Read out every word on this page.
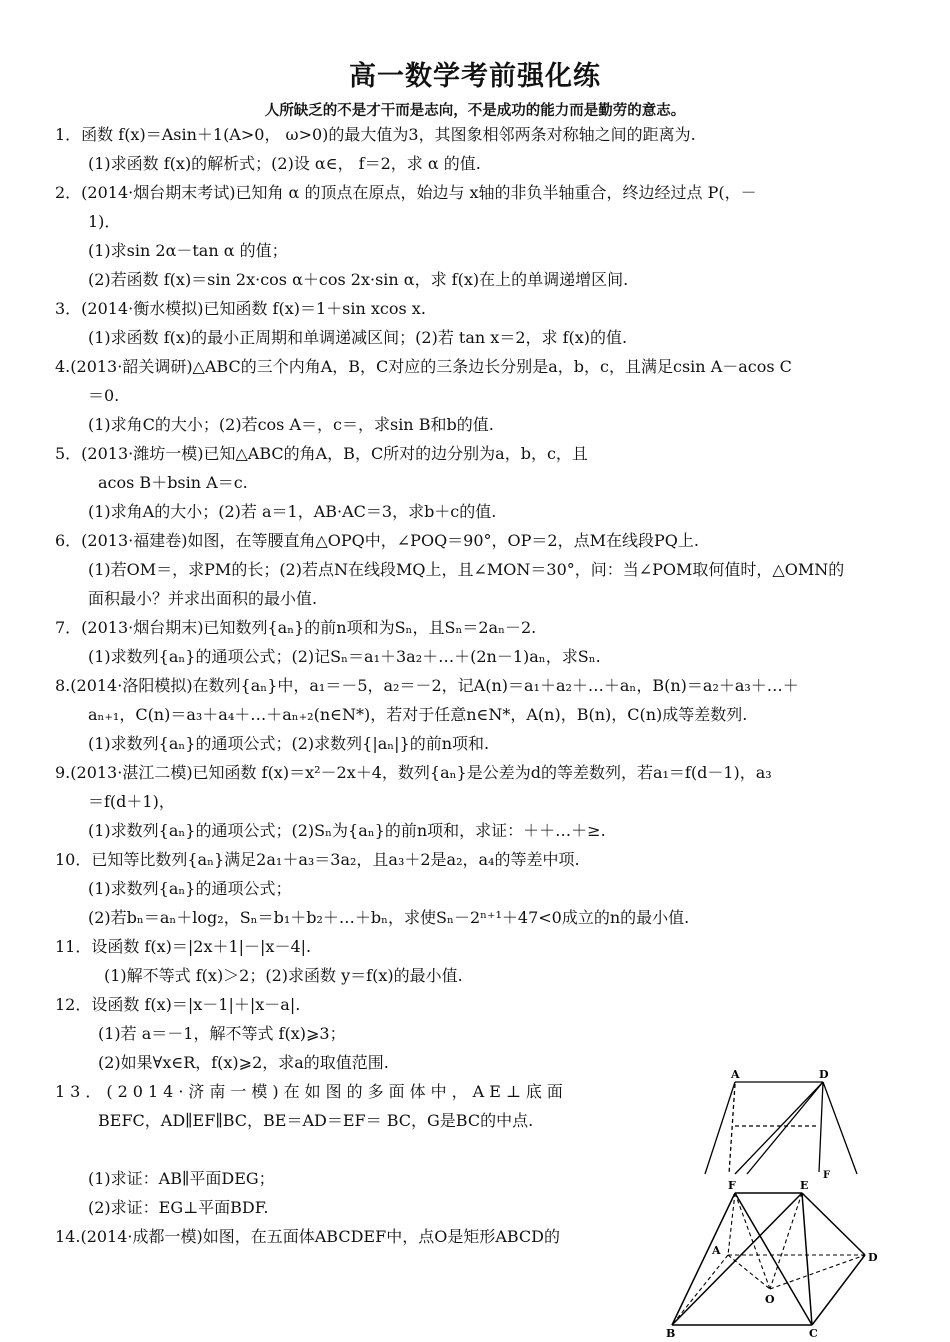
高一数学考前强化练
人所缺乏的不是才干而是志向，不是成功的能力而是勤劳的意志。
1．函数 f(x)＝Asin＋1(A>0， ω>0)的最大值为3，其图象相邻两条对称轴之间的距离为.
(1)求函数 f(x)的解析式；(2)设 α∈， f＝2，求 α 的值.
2．(2014·烟台期末考试)已知角 α 的顶点在原点，始边与 x轴的非负半轴重合，终边经过点 P(，－
1)．
(1)求sin 2α－tan α 的值；
(2)若函数 f(x)＝sin 2x·cos α＋cos 2x·sin α，求 f(x)在上的单调递增区间.
3．(2014·衡水模拟)已知函数 f(x)＝1＋sin xcos x.
(1)求函数 f(x)的最小正周期和单调递减区间；(2)若 tan x＝2，求 f(x)的值.
4.(2013·韶关调研)△ABC的三个内角A，B，C对应的三条边长分别是a，b，c，且满足csin A－acos C
＝0.
(1)求角C的大小；(2)若cos A＝，c＝，求sin B和b的值.
5．(2013·潍坊一模)已知△ABC的角A，B，C所对的边分别为a，b，c，且
acos B＋bsin A＝c.
(1)求角A的大小；(2)若 a＝1，AB·AC＝3，求b＋c的值.
6．(2013·福建卷)如图，在等腰直角△OPQ中，∠POQ＝90°，OP＝2，点M在线段PQ上.
(1)若OM＝，求PM的长；(2)若点N在线段MQ上，且∠MON＝30°，问：当∠POM取何值时，△OMN的
面积最小？并求出面积的最小值.
7．(2013·烟台期末)已知数列{aₙ}的前n项和为Sₙ，且Sₙ＝2aₙ－2.
(1)求数列{aₙ}的通项公式；(2)记Sₙ＝a₁＋3a₂＋…＋(2n－1)aₙ，求Sₙ.
8.(2014·洛阳模拟)在数列{aₙ}中，a₁＝－5，a₂＝－2，记A(n)＝a₁＋a₂＋…＋aₙ，B(n)＝a₂＋a₃＋…＋
aₙ₊₁，C(n)＝a₃＋a₄＋…＋aₙ₊₂(n∈N*)，若对于任意n∈N*，A(n)，B(n)，C(n)成等差数列.
(1)求数列{aₙ}的通项公式；(2)求数列{|aₙ|}的前n项和.
9.(2013·湛江二模)已知函数 f(x)＝x²－2x＋4，数列{aₙ}是公差为d的等差数列，若a₁＝f(d－1)，a₃
＝f(d＋1)，
(1)求数列{aₙ}的通项公式；(2)Sₙ为{aₙ}的前n项和，求证：＋＋…＋≥.
10．已知等比数列{aₙ}满足2a₁＋a₃＝3a₂，且a₃＋2是a₂，a₄的等差中项.
(1)求数列{aₙ}的通项公式；
(2)若bₙ＝aₙ＋log₂，Sₙ＝b₁＋b₂＋…＋bₙ，求使Sₙ－2ⁿ⁺¹＋47<0成立的n的最小值.
11．设函数 f(x)＝|2x＋1|－|x－4|.
(1)解不等式 f(x)＞2；(2)求函数 y＝f(x)的最小值.
12．设函数 f(x)＝|x－1|＋|x－a|.
(1)若 a＝－1，解不等式 f(x)⩾3；
(2)如果∀x∈R，f(x)⩾2，求a的取值范围.
13．(2014·济南一模)在如图的多面体中，AE⊥底面
BEFC，AD∥EF∥BC，BE＝AD＝EF＝ BC，G是BC的中点.
(1)求证：AB∥平面DEG；
(2)求证：EG⊥平面BDF.
14.(2014·成都一模)如图，在五面体ABCDEF中，点O是矩形ABCD的
A	D
F
F	E
A
D
O
B	C
